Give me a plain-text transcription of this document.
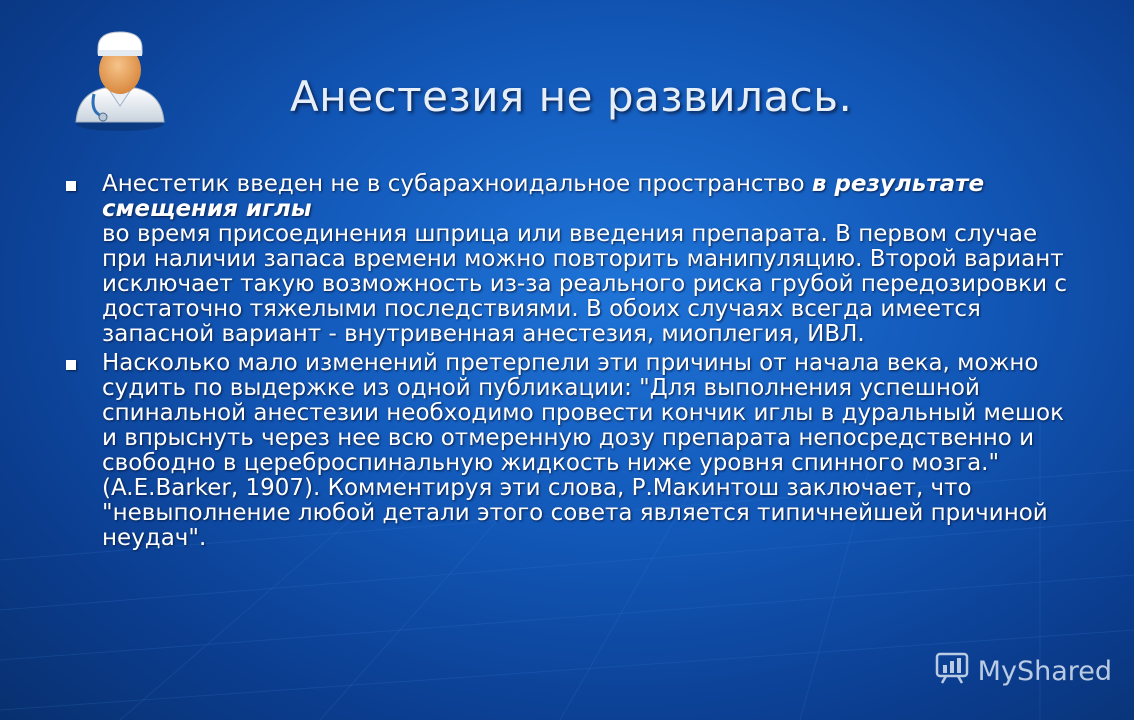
Анестезия не развилась.
Анестетик введен не в субарахноидальное пространство в результате смещения иглы
во время присоединения шприца или введения препарата. В первом случае при наличии запаса времени можно повторить манипуляцию. Второй вариант исключает такую возможность из-за реального риска грубой передозировки с достаточно тяжелыми последствиями. В обоих случаях всегда имеется запасной вариант - внутривенная анестезия, миоплегия, ИВЛ.
Насколько мало изменений претерпели эти причины от начала века, можно судить по выдержке из одной публикации: "Для выполнения успешной спинальной анестезии необходимо провести кончик иглы в дуральный мешок и впрыснуть через нее всю отмеренную дозу препарата непосредственно и свободно в цереброспинальную жидкость ниже уровня спинного мозга." (A.E.Barker, 1907). Комментируя эти слова, Р.Макинтош заключает, что "невыполнение любой детали этого совета является типичнейшей причиной неудач".
MyShared
